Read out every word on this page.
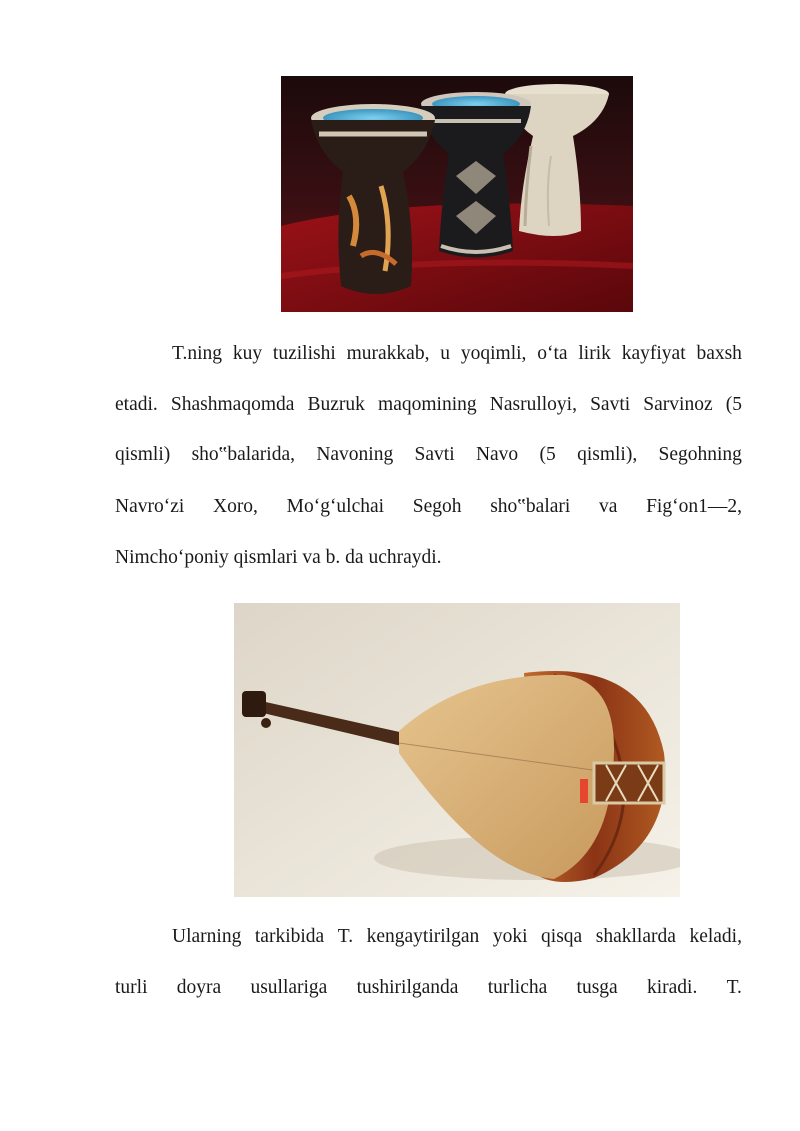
T.ning kuy tuzilishi murakkab, u yoqimli, oʻta lirik kayfiyat baxsh
etadi. Shashmaqomda Buzruk maqomining Nasrulloyi, Savti Sarvinoz (5
qismli) sho‟balarida, Navoning Savti Navo (5 qismli), Segohning
Navroʻzi Xoro, Moʻgʻulchai Segoh sho‟balari va Figʻon1—2,
Nimchoʻponiy qismlari va b. da uchraydi.
Ularning tarkibida T. kengaytirilgan yoki qisqa shakllarda keladi,
turli doyra usullariga tushirilganda turlicha tusga kiradi. T.
